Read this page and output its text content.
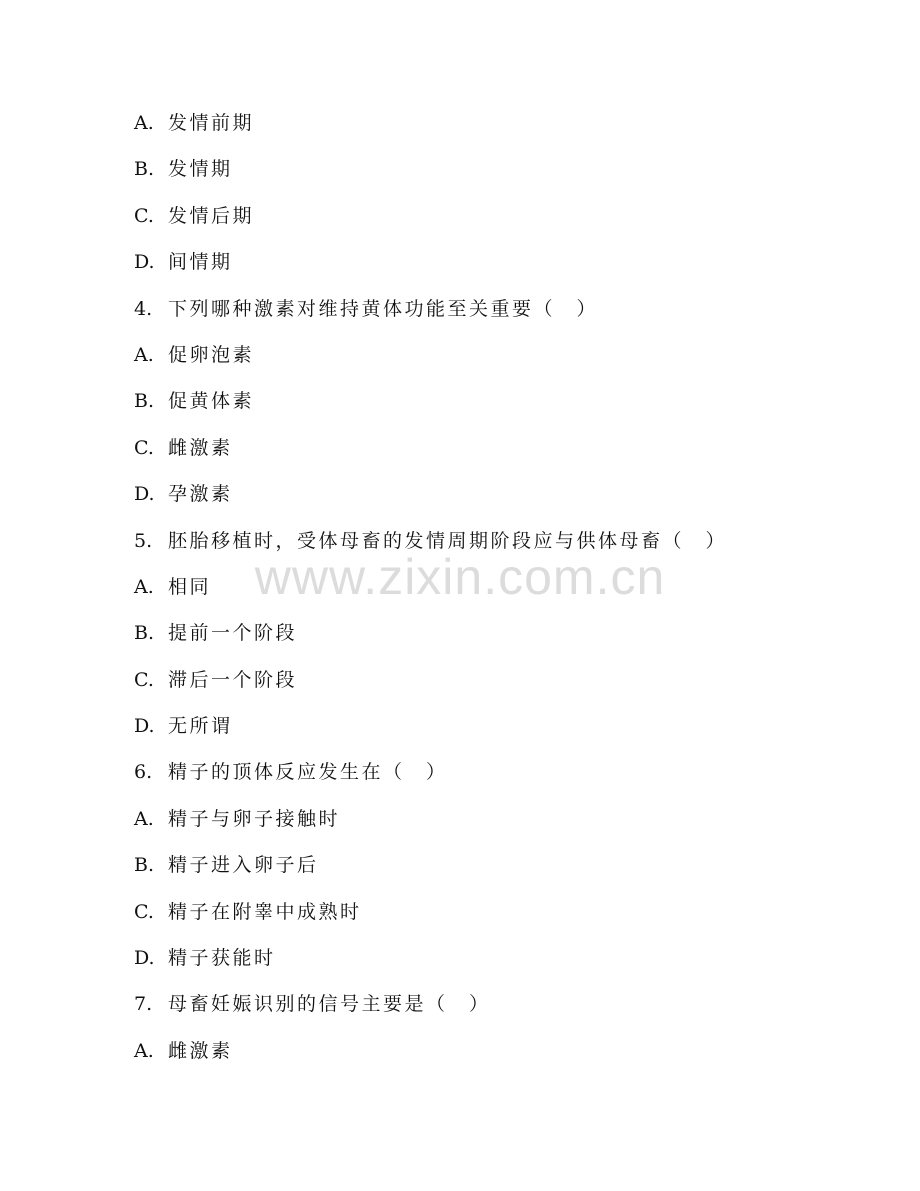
A. 发情前期
B. 发情期
C. 发情后期
D. 间情期
4. 下列哪种激素对维持黄体功能至关重要（　）
A. 促卵泡素
B. 促黄体素
C. 雌激素
D. 孕激素
5. 胚胎移植时，受体母畜的发情周期阶段应与供体母畜（　）
A. 相同
B. 提前一个阶段
C. 滞后一个阶段
D. 无所谓
6. 精子的顶体反应发生在（　）
A. 精子与卵子接触时
B. 精子进入卵子后
C. 精子在附睾中成熟时
D. 精子获能时
7. 母畜妊娠识别的信号主要是（　）
A. 雌激素
www.zixin.com.cn
